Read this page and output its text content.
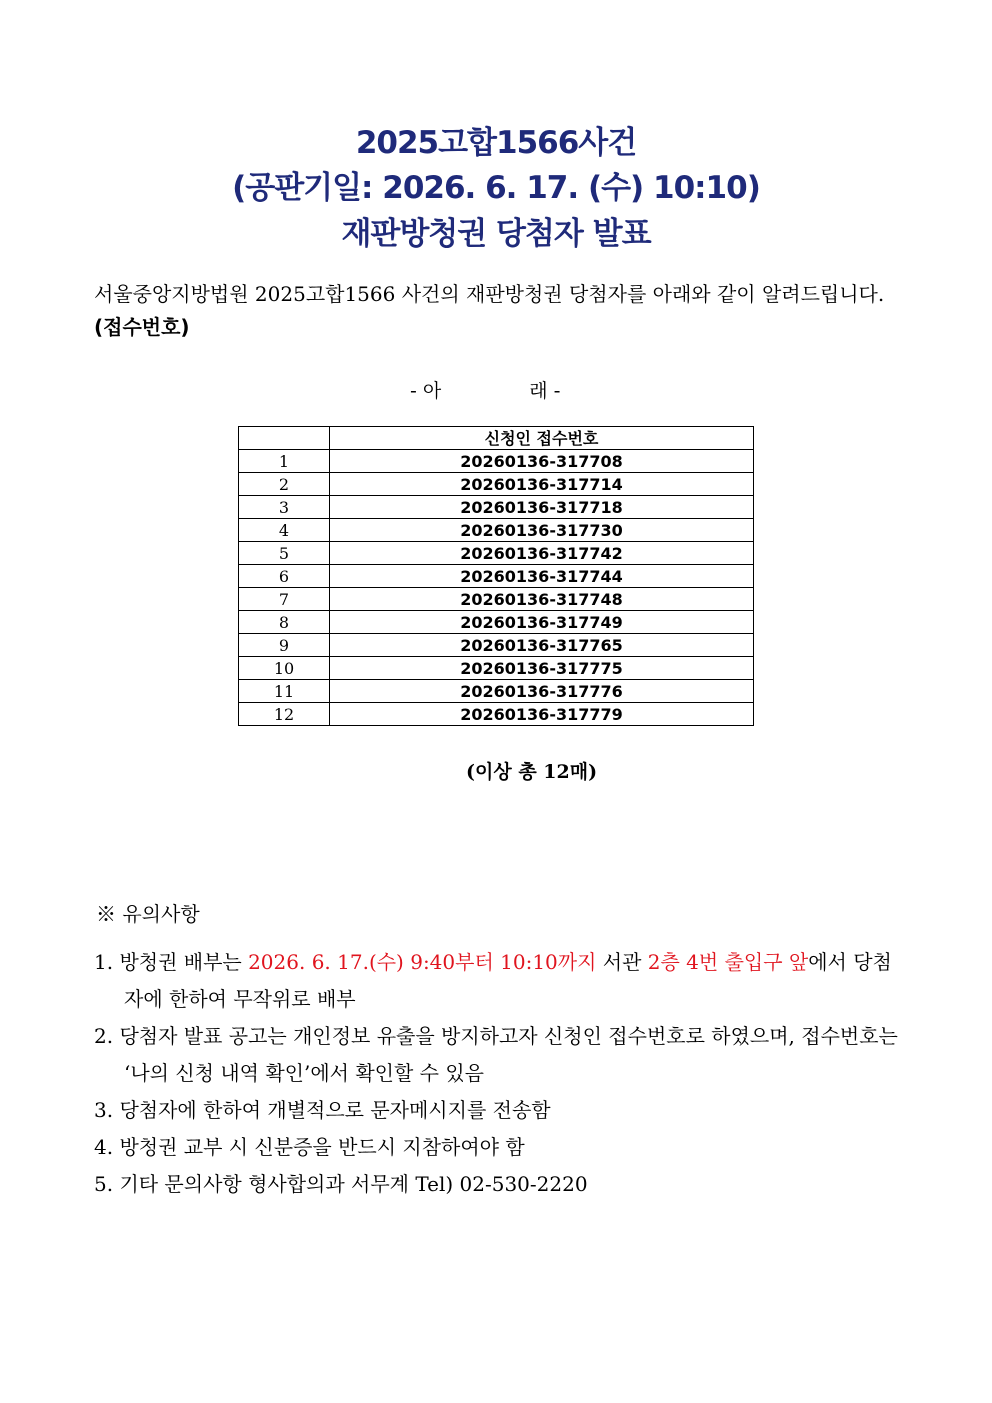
2025고합1566사건
(공판기일: 2026. 6. 17. (수) 10:10)
재판방청권 당첨자 발표
서울중앙지방법원 2025고합1566 사건의 재판방청권 당첨자를 아래와 같이 알려드립니다. (접수번호)
- 아	래 -
	신청인 접수번호
1	20260136-317708
2	20260136-317714
3	20260136-317718
4	20260136-317730
5	20260136-317742
6	20260136-317744
7	20260136-317748
8	20260136-317749
9	20260136-317765
10	20260136-317775
11	20260136-317776
12	20260136-317779
(이상 총 12매)
※ 유의사항
1. 방청권 배부는 2026. 6. 17.(수) 9:40부터 10:10까지 서관 2층 4번 출입구 앞에서 당첨자에 한하여 무작위로 배부
2. 당첨자 발표 공고는 개인정보 유출을 방지하고자 신청인 접수번호로 하였으며, 접수번호는 ‘나의 신청 내역 확인’에서 확인할 수 있음
3. 당첨자에 한하여 개별적으로 문자메시지를 전송함
4. 방청권 교부 시 신분증을 반드시 지참하여야 함
5. 기타 문의사항 형사합의과 서무계 Tel) 02-530-2220
